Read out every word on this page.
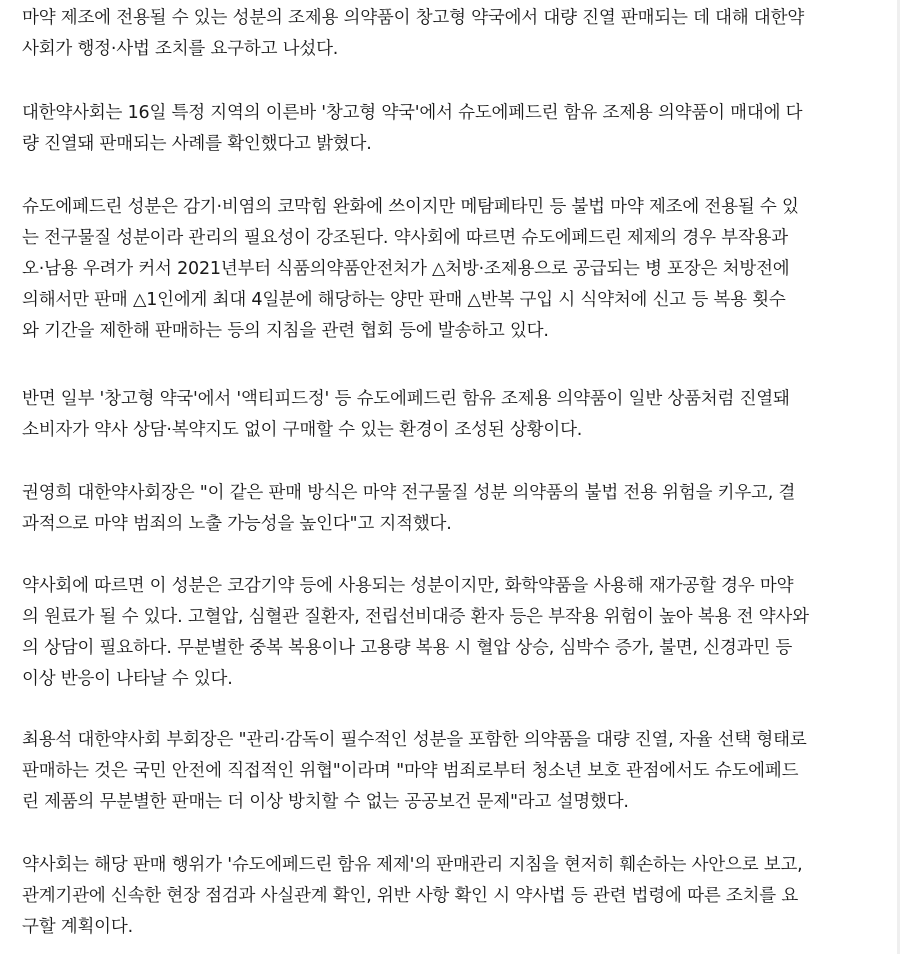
마약 제조에 전용될 수 있는 성분의 조제용 의약품이 창고형 약국에서 대량 진열 판매되는 데 대해 대한약
사회가 행정·사법 조치를 요구하고 나섰다.

대한약사회는 16일 특정 지역의 이른바 '창고형 약국'에서 슈도에페드린 함유 조제용 의약품이 매대에 다
량 진열돼 판매되는 사례를 확인했다고 밝혔다.

슈도에페드린 성분은 감기·비염의 코막힘 완화에 쓰이지만 메탐페타민 등 불법 마약 제조에 전용될 수 있
는 전구물질 성분이라 관리의 필요성이 강조된다. 약사회에 따르면 슈도에페드린 제제의 경우 부작용과
오·남용 우려가 커서 2021년부터 식품의약품안전처가 △처방·조제용으로 공급되는 병 포장은 처방전에
의해서만 판매 △1인에게 최대 4일분에 해당하는 양만 판매 △반복 구입 시 식약처에 신고 등 복용 횟수
와 기간을 제한해 판매하는 등의 지침을 관련 협회 등에 발송하고 있다.

반면 일부 '창고형 약국'에서 '액티피드정' 등 슈도에페드린 함유 조제용 의약품이 일반 상품처럼 진열돼
소비자가 약사 상담·복약지도 없이 구매할 수 있는 환경이 조성된 상황이다.

권영희 대한약사회장은 "이 같은 판매 방식은 마약 전구물질 성분 의약품의 불법 전용 위험을 키우고, 결
과적으로 마약 범죄의 노출 가능성을 높인다"고 지적했다.

약사회에 따르면 이 성분은 코감기약 등에 사용되는 성분이지만, 화학약품을 사용해 재가공할 경우 마약
의 원료가 될 수 있다. 고혈압, 심혈관 질환자, 전립선비대증 환자 등은 부작용 위험이 높아 복용 전 약사와
의 상담이 필요하다. 무분별한 중복 복용이나 고용량 복용 시 혈압 상승, 심박수 증가, 불면, 신경과민 등
이상 반응이 나타날 수 있다.

최용석 대한약사회 부회장은 "관리·감독이 필수적인 성분을 포함한 의약품을 대량 진열, 자율 선택 형태로
판매하는 것은 국민 안전에 직접적인 위협"이라며 "마약 범죄로부터 청소년 보호 관점에서도 슈도에페드
린 제품의 무분별한 판매는 더 이상 방치할 수 없는 공공보건 문제"라고 설명했다.

약사회는 해당 판매 행위가 '슈도에페드린 함유 제제'의 판매관리 지침을 현저히 훼손하는 사안으로 보고,
관계기관에 신속한 현장 점검과 사실관계 확인, 위반 사항 확인 시 약사법 등 관련 법령에 따른 조치를 요
구할 계획이다.
